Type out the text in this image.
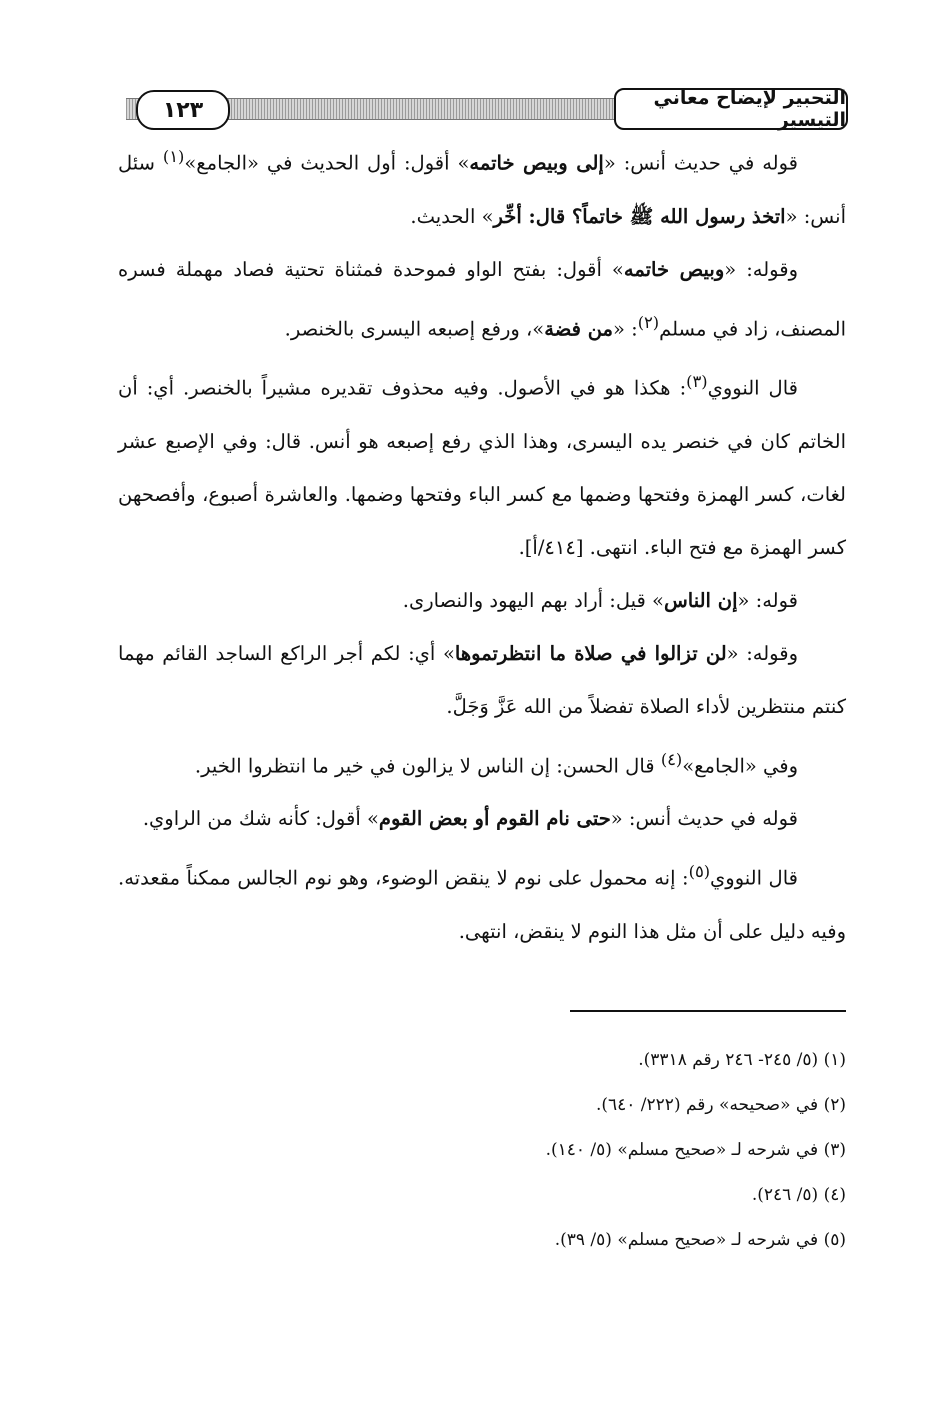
١٢٣	التحبير لإيضاح معاني التيسير

قوله في حديث أنس: «إلى وبيص خاتمه» أقول: أول الحديث في «الجامع»$^{(١)}$ سئل أنس: «اتخذ رسول الله ﷺ خاتماً؟ قال: أخِّر» الحديث.

وقوله: «وبيص خاتمه» أقول: بفتح الواو فموحدة فمثناة تحتية فصاد مهملة فسره المصنف، زاد في مسلم$^{(٢)}$: «من فضة»، ورفع إصبعه اليسرى بالخنصر.

قال النووي$^{(٣)}$: هكذا هو في الأصول. وفيه محذوف تقديره مشيراً بالخنصر. أي: أن الخاتم كان في خنصر يده اليسرى، وهذا الذي رفع إصبعه هو أنس. قال: وفي الإصبع عشر لغات، كسر الهمزة وفتحها وضمها مع كسر الباء وفتحها وضمها. والعاشرة أصبوع، وأفصحهن كسر الهمزة مع فتح الباء. انتهى. [٤١٤/أ].

قوله: «إن الناس» قيل: أراد بهم اليهود والنصارى.

وقوله: «لن تزالوا في صلاة ما انتظرتموها» أي: لكم أجر الراكع الساجد القائم مهما كنتم منتظرين لأداء الصلاة تفضلاً من الله عَزَّ وَجَلَّ.

وفي «الجامع»$^{(٤)}$ قال الحسن: إن الناس لا يزالون في خير ما انتظروا الخير.

قوله في حديث أنس: «حتى نام القوم أو بعض القوم» أقول: كأنه شك من الراوي.

قال النووي$^{(٥)}$: إنه محمول على نوم لا ينقض الوضوء، وهو نوم الجالس ممكناً مقعدته. وفيه دليل على أن مثل هذا النوم لا ينقض، انتهى.

(١) (٥/ ٢٤٥- ٢٤٦ رقم ٣٣١٨).

(٢) في «صحيحه» رقم (٢٢٢/ ٦٤٠).

(٣) في شرحه لـ «صحيح مسلم» (٥/ ١٤٠).

(٤) (٥/ ٢٤٦).

(٥) في شرحه لـ «صحيح مسلم» (٥/ ٣٩).
